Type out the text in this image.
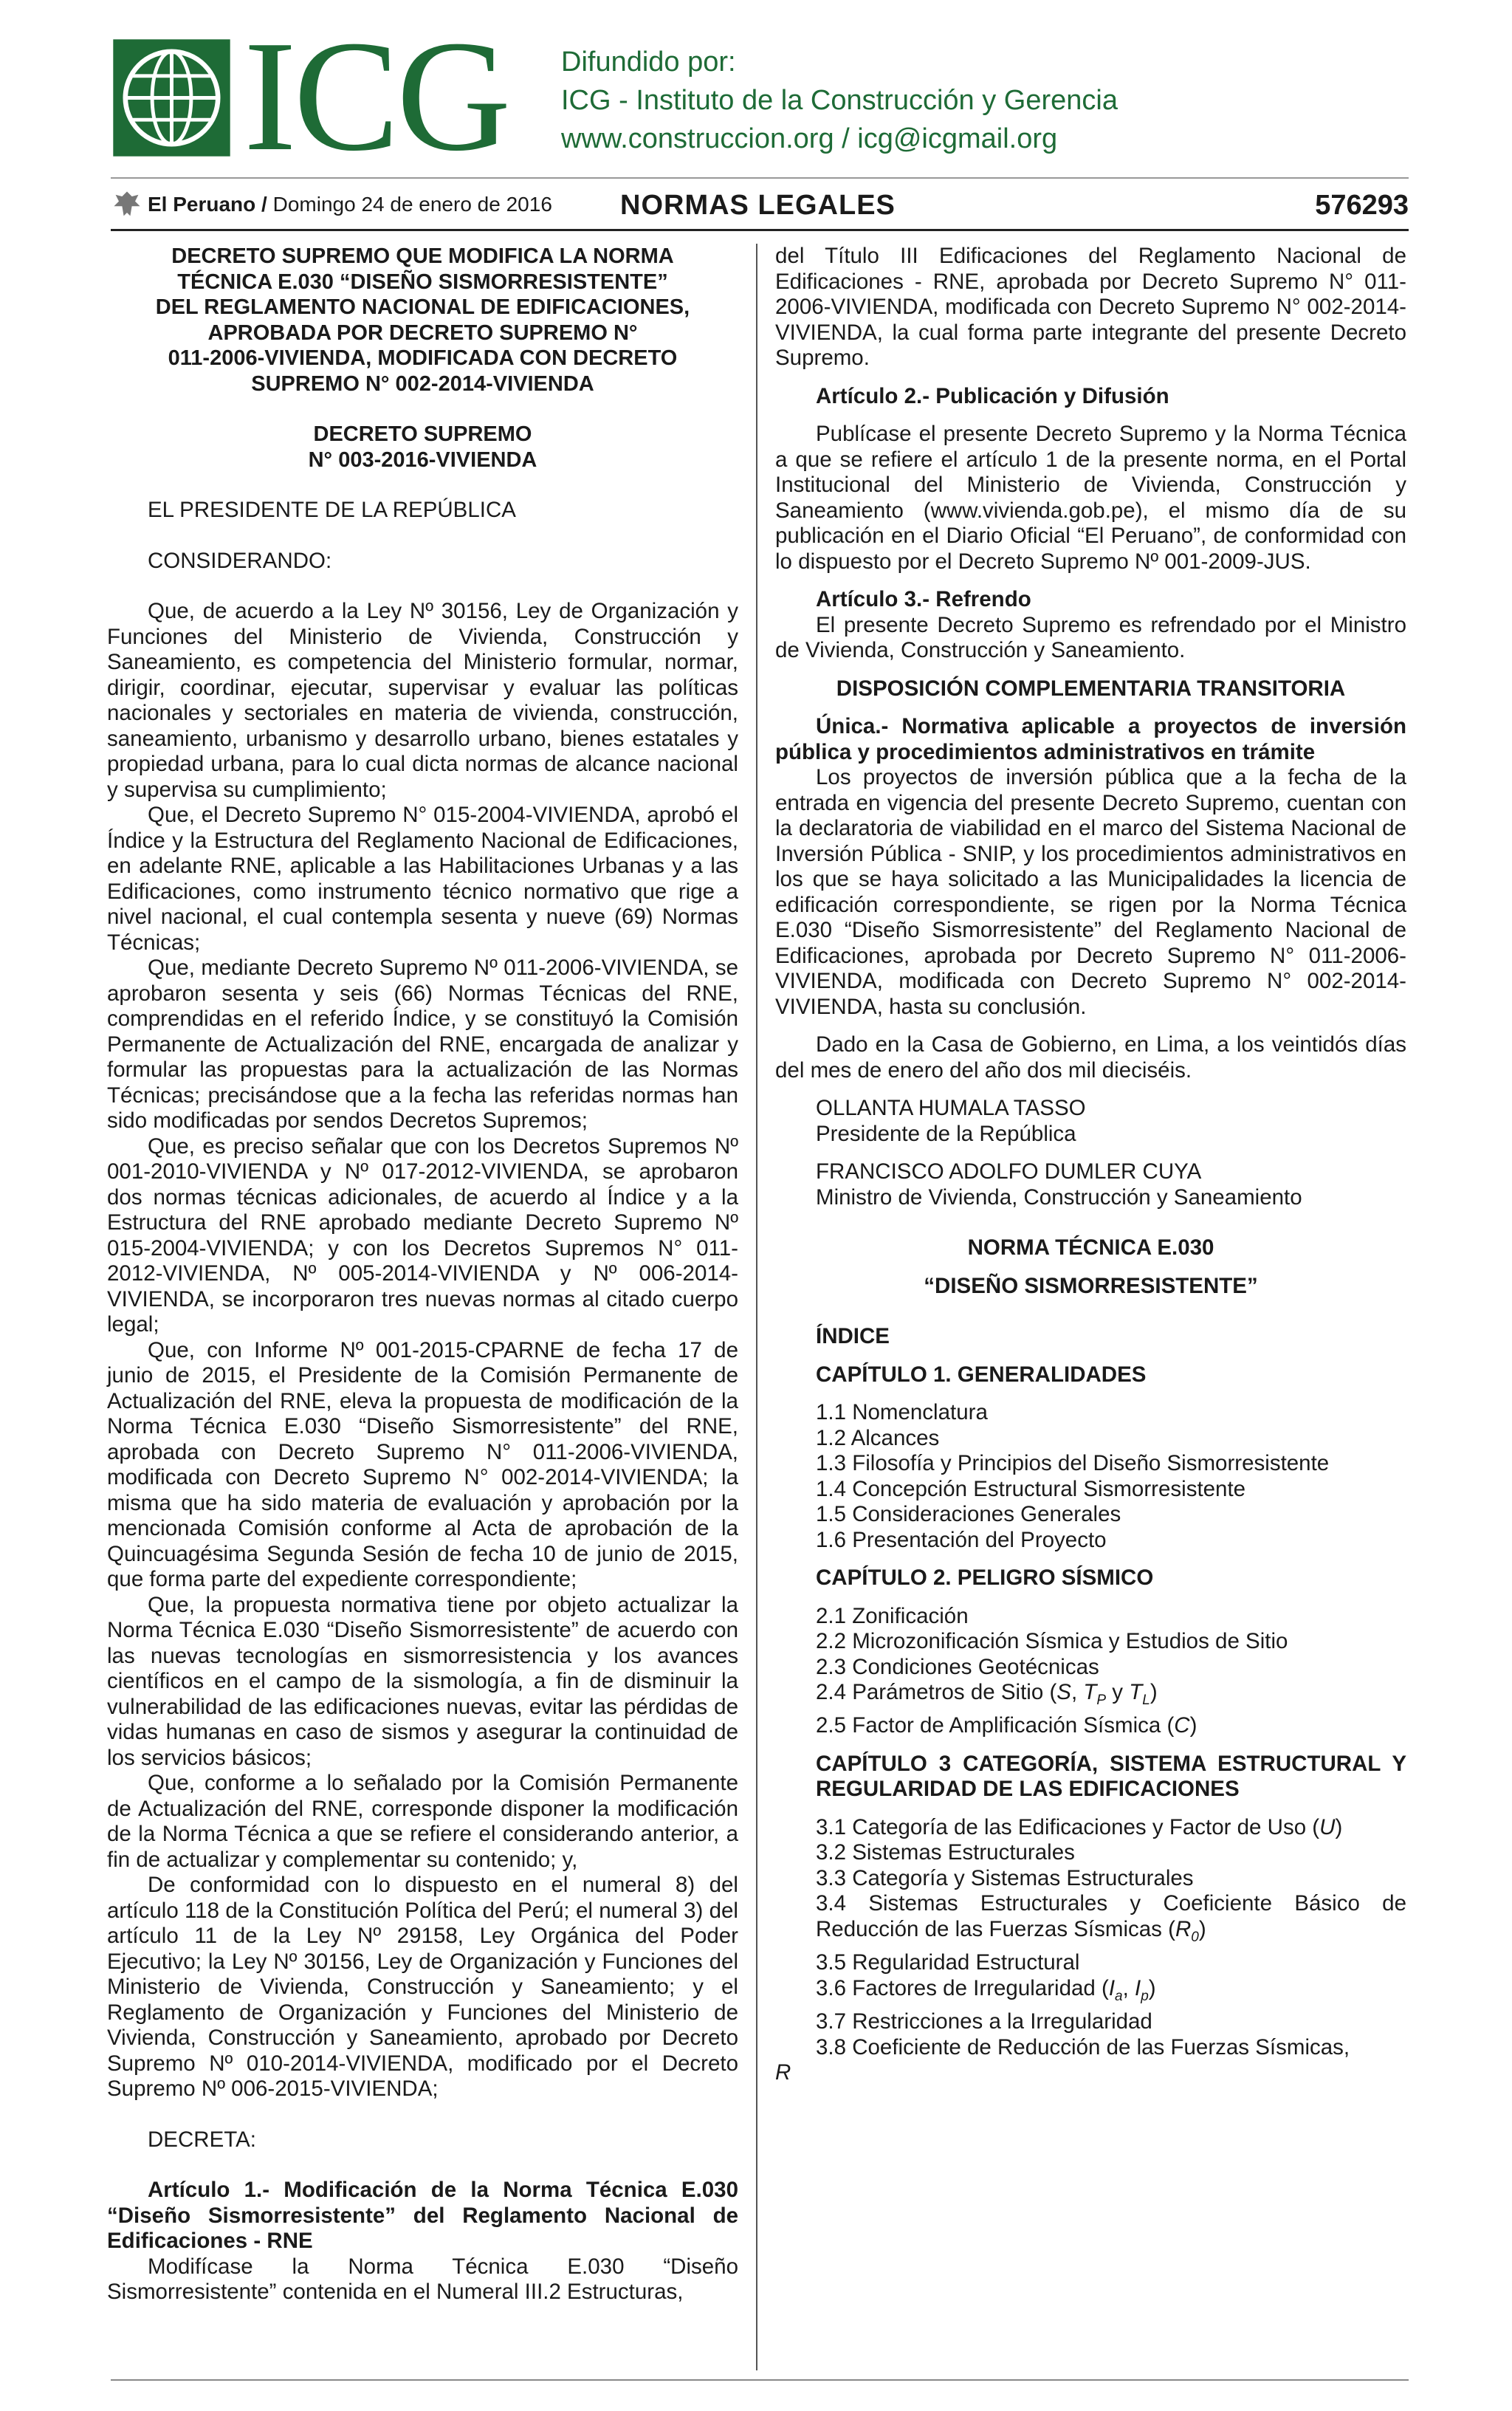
ICG Difundido por:
ICG - Instituto de la Construcción y Gerencia
www.construccion.org / icg@icgmail.org
El Peruano / Domingo 24 de enero de 2016 NORMAS LEGALES	576293
DECRETO SUPREMO QUE MODIFICA LA NORMA
TÉCNICA E.030 “DISEÑO SISMORRESISTENTE”
DEL REGLAMENTO NACIONAL DE EDIFICACIONES,
APROBADA POR DECRETO SUPREMO N°
011-2006-VIVIENDA, MODIFICADA CON DECRETO
SUPREMO N° 002-2014-VIVIENDA
DECRETO SUPREMO
N° 003-2016-VIVIENDA

EL PRESIDENTE DE LA REPÚBLICA

CONSIDERANDO:

Que, de acuerdo a la Ley Nº 30156, Ley de Organización y Funciones del Ministerio de Vivienda, Construcción y Saneamiento, es competencia del Ministerio formular, normar, dirigir, coordinar, ejecutar, supervisar y evaluar las políticas nacionales y sectoriales en materia de vivienda, construcción, saneamiento, urbanismo y desarrollo urbano, bienes estatales y propiedad urbana, para lo cual dicta normas de alcance nacional y supervisa su cumplimiento;

Que, el Decreto Supremo N° 015-2004-VIVIENDA, aprobó el Índice y la Estructura del Reglamento Nacional de Edificaciones, en adelante RNE, aplicable a las Habilitaciones Urbanas y a las Edificaciones, como instrumento técnico normativo que rige a nivel nacional, el cual contempla sesenta y nueve (69) Normas Técnicas;

Que, mediante Decreto Supremo Nº 011-2006-VIVIENDA, se aprobaron sesenta y seis (66) Normas Técnicas del RNE, comprendidas en el referido Índice, y se constituyó la Comisión Permanente de Actualización del RNE, encargada de analizar y formular las propuestas para la actualización de las Normas Técnicas; precisándose que a la fecha las referidas normas han sido modificadas por sendos Decretos Supremos;

Que, es preciso señalar que con los Decretos Supremos Nº 001-2010-VIVIENDA y Nº 017-2012-VIVIENDA, se aprobaron dos normas técnicas adicionales, de acuerdo al Índice y a la Estructura del RNE aprobado mediante Decreto Supremo Nº 015-2004-VIVIENDA; y con los Decretos Supremos N° 011-2012-VIVIENDA, Nº 005-2014-VIVIENDA y Nº 006-2014-VIVIENDA, se incorporaron tres nuevas normas al citado cuerpo legal;

Que, con Informe Nº 001-2015-CPARNE de fecha 17 de junio de 2015, el Presidente de la Comisión Permanente de Actualización del RNE, eleva la propuesta de modificación de la Norma Técnica E.030 “Diseño Sismorresistente” del RNE, aprobada con Decreto Supremo N° 011-2006-VIVIENDA, modificada con Decreto Supremo N° 002-2014-VIVIENDA; la misma que ha sido materia de evaluación y aprobación por la mencionada Comisión conforme al Acta de aprobación de la Quincuagésima Segunda Sesión de fecha 10 de junio de 2015, que forma parte del expediente correspondiente;

Que, la propuesta normativa tiene por objeto actualizar la Norma Técnica E.030 “Diseño Sismorresistente” de acuerdo con las nuevas tecnologías en sismorresistencia y los avances científicos en el campo de la sismología, a fin de disminuir la vulnerabilidad de las edificaciones nuevas, evitar las pérdidas de vidas humanas en caso de sismos y asegurar la continuidad de los servicios básicos;

Que, conforme a lo señalado por la Comisión Permanente de Actualización del RNE, corresponde disponer la modificación de la Norma Técnica a que se refiere el considerando anterior, a fin de actualizar y complementar su contenido; y,

De conformidad con lo dispuesto en el numeral 8) del artículo 118 de la Constitución Política del Perú; el numeral 3) del artículo 11 de la Ley Nº 29158, Ley Orgánica del Poder Ejecutivo; la Ley Nº 30156, Ley de Organización y Funciones del Ministerio de Vivienda, Construcción y Saneamiento; y el Reglamento de Organización y Funciones del Ministerio de Vivienda, Construcción y Saneamiento, aprobado por Decreto Supremo Nº 010-2014-VIVIENDA, modificado por el Decreto Supremo Nº 006-2015-VIVIENDA;

DECRETA:

Artículo 1.- Modificación de la Norma Técnica E.030 “Diseño Sismorresistente” del Reglamento Nacional de Edificaciones - RNE

Modifícase la Norma Técnica E.030 “Diseño Sismorresistente” contenida en el Numeral III.2 Estructuras,

del Título III Edificaciones del Reglamento Nacional de Edificaciones - RNE, aprobada por Decreto Supremo N° 011-2006-VIVIENDA, modificada con Decreto Supremo N° 002-2014-VIVIENDA, la cual forma parte integrante del presente Decreto Supremo.

Artículo 2.- Publicación y Difusión

Publícase el presente Decreto Supremo y la Norma Técnica a que se refiere el artículo 1 de la presente norma, en el Portal Institucional del Ministerio de Vivienda, Construcción y Saneamiento (www.vivienda.gob.pe), el mismo día de su publicación en el Diario Oficial “El Peruano”, de conformidad con lo dispuesto por el Decreto Supremo Nº 001-2009-JUS.

Artículo 3.- Refrendo

El presente Decreto Supremo es refrendado por el Ministro de Vivienda, Construcción y Saneamiento.

DISPOSICIÓN COMPLEMENTARIA TRANSITORIA

Única.- Normativa aplicable a proyectos de inversión pública y procedimientos administrativos en trámite

Los proyectos de inversión pública que a la fecha de la entrada en vigencia del presente Decreto Supremo, cuentan con la declaratoria de viabilidad en el marco del Sistema Nacional de Inversión Pública - SNIP, y los procedimientos administrativos en los que se haya solicitado a las Municipalidades la licencia de edificación correspondiente, se rigen por la Norma Técnica E.030 “Diseño Sismorresistente” del Reglamento Nacional de Edificaciones, aprobada por Decreto Supremo N° 011-2006-VIVIENDA, modificada con Decreto Supremo N° 002-2014-VIVIENDA, hasta su conclusión.

Dado en la Casa de Gobierno, en Lima, a los veintidós días del mes de enero del año dos mil dieciséis.

OLLANTA HUMALA TASSO

Presidente de la República

FRANCISCO ADOLFO DUMLER CUYA

Ministro de Vivienda, Construcción y Saneamiento

NORMA TÉCNICA E.030

“DISEÑO SISMORRESISTENTE”

ÍNDICE

CAPÍTULO 1. GENERALIDADES

1.1 Nomenclatura
1.2 Alcances
1.3 Filosofía y Principios del Diseño Sismorresistente
1.4 Concepción Estructural Sismorresistente
1.5 Consideraciones Generales
1.6 Presentación del Proyecto

CAPÍTULO 2. PELIGRO SÍSMICO

2.1 Zonificación
2.2 Microzonificación Sísmica y Estudios de Sitio
2.3 Condiciones Geotécnicas
2.4 Parámetros de Sitio (S, $T_P$ y $T_L$)
2.5 Factor de Amplificación Sísmica (C)

CAPÍTULO 3 CATEGORÍA, SISTEMA ESTRUCTURAL Y REGULARIDAD DE LAS EDIFICACIONES

3.1 Categoría de las Edificaciones y Factor de Uso (U)
3.2 Sistemas Estructurales
3.3 Categoría y Sistemas Estructurales
3.4 Sistemas Estructurales y Coeficiente Básico de Reducción de las Fuerzas Sísmicas $(R_0)$
3.5 Regularidad Estructural
3.6 Factores de Irregularidad ($I_a$, $I_p$)
3.7 Restricciones a la Irregularidad
3.8 Coeficiente de Reducción de las Fuerzas Sísmicas,
R
